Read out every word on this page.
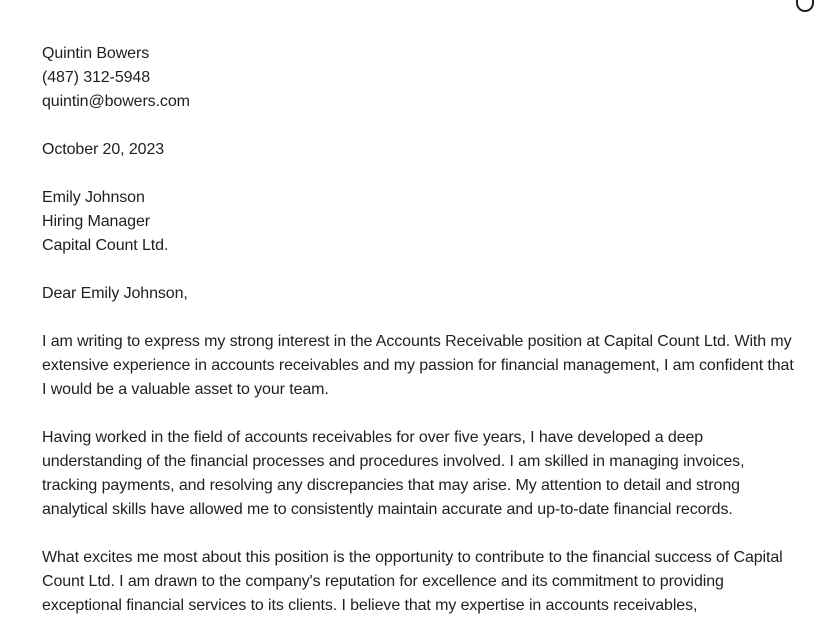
Quintin Bowers
(487) 312-5948
quintin@bowers.com
October 20, 2023
Emily Johnson
Hiring Manager
Capital Count Ltd.
Dear Emily Johnson,

I am writing to express my strong interest in the Accounts Receivable position at Capital Count Ltd. With my extensive experience in accounts receivables and my passion for financial management, I am confident that I would be a valuable asset to your team.

Having worked in the field of accounts receivables for over five years, I have developed a deep understanding of the financial processes and procedures involved. I am skilled in managing invoices, tracking payments, and resolving any discrepancies that may arise. My attention to detail and strong analytical skills have allowed me to consistently maintain accurate and up-to-date financial records.

What excites me most about this position is the opportunity to contribute to the financial success of Capital Count Ltd. I am drawn to the company's reputation for excellence and its commitment to providing exceptional financial services to its clients. I believe that my expertise in accounts receivables,
